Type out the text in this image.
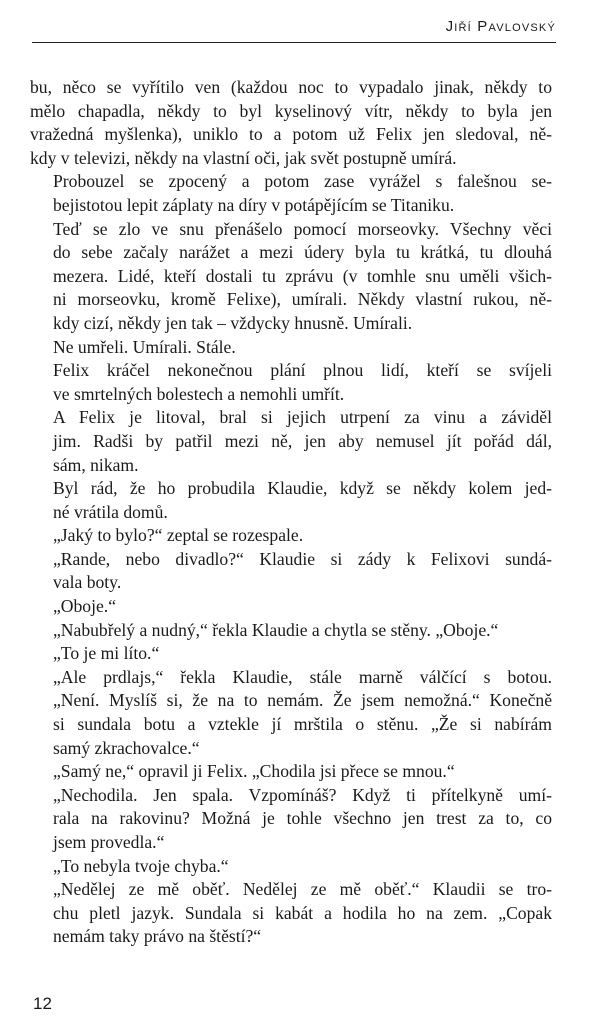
Jiří Pavlovský

bu, něco se vyřítilo ven (každou noc to vypadalo jinak, někdy to
mělo chapadla, někdy to byl kyselinový vítr, někdy to byla jen
vražedná myšlenka), uniklo to a potom už Felix jen sledoval, ně-
kdy v televizi, někdy na vlastní oči, jak svět postupně umírá.

Probouzel se zpocený a potom zase vyrážel s falešnou se-
bejistotou lepit záplaty na díry v potápějícím se Titaniku.

Teď se zlo ve snu přenášelo pomocí morseovky. Všechny věci
do sebe začaly narážet a mezi údery byla tu krátká, tu dlouhá
mezera. Lidé, kteří dostali tu zprávu (v tomhle snu uměli všich-
ni morseovku, kromě Felixe), umírali. Někdy vlastní rukou, ně-
kdy cizí, někdy jen tak – vždycky hnusně. Umírali.

Ne umřeli. Umírali. Stále.

Felix kráčel nekonečnou plání plnou lidí, kteří se svíjeli
ve smrtelných bolestech a nemohli umřít.

A Felix je litoval, bral si jejich utrpení za vinu a záviděl
jim. Radši by patřil mezi ně, jen aby nemusel jít pořád dál,
sám, nikam.

Byl rád, že ho probudila Klaudie, když se někdy kolem jed-
né vrátila domů.

„Jaký to bylo?“ zeptal se rozespale.

„Rande, nebo divadlo?“ Klaudie si zády k Felixovi sundá-
vala boty.

„Oboje.“

„Nabubřelý a nudný,“ řekla Klaudie a chytla se stěny. „Oboje.“

„To je mi líto.“

„Ale prdlajs,“ řekla Klaudie, stále marně válčící s botou.
„Není. Myslíš si, že na to nemám. Že jsem nemožná.“ Konečně
si sundala botu a vztekle jí mrštila o stěnu. „Že si nabírám
samý zkrachovalce.“

„Samý ne,“ opravil ji Felix. „Chodila jsi přece se mnou.“

„Nechodila. Jen spala. Vzpomínáš? Když ti přítelkyně umí-
rala na rakovinu? Možná je tohle všechno jen trest za to, co
jsem provedla.“

„To nebyla tvoje chyba.“

„Nedělej ze mě oběť. Nedělej ze mě oběť.“ Klaudii se tro-
chu pletl jazyk. Sundala si kabát a hodila ho na zem. „Copak
nemám taky právo na štěstí?“

12
